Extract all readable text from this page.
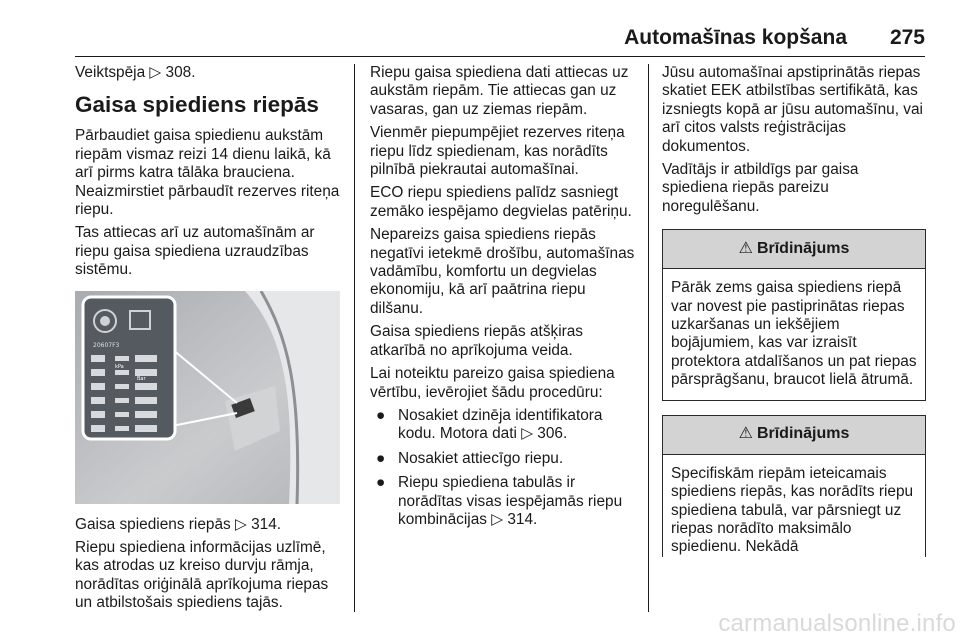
Automašīnas kopšana 275

Veiktspēja ▷ 308.

Gaisa spiediens riepās

Pārbaudiet gaisa spiedienu aukstām riepām vismaz reizi 14 dienu laikā, kā arī pirms katra tālāka brauciena. Neaizmirstiet pārbaudīt rezerves riteņa riepu.

Tas attiecas arī uz automašīnām ar riepu gaisa spiediena uzraudzības sistēmu.

20607F3
kPa
Bar

Gaisa spiediens riepās ▷ 314.

Riepu spiediena informācijas uzlīmē, kas atrodas uz kreiso durvju rāmja, norādītas oriģinālā aprīkojuma riepas un atbilstošais spiediens tajās.

Riepu gaisa spiediena dati attiecas uz aukstām riepām. Tie attiecas gan uz vasaras, gan uz ziemas riepām.

Vienmēr piepumpējiet rezerves riteņa riepu līdz spiedienam, kas norādīts pilnībā piekrautai automašīnai.

ECO riepu spiediens palīdz sasniegt zemāko iespējamo degvielas patēriņu.

Nepareizs gaisa spiediens riepās negatīvi ietekmē drošību, automašīnas vadāmību, komfortu un degvielas ekonomiju, kā arī paātrina riepu dilšanu.

Gaisa spiediens riepās atšķiras atkarībā no aprīkojuma veida.

Lai noteiktu pareizo gaisa spiediena vērtību, ievērojiet šādu procedūru:

● Nosakiet dzinēja identifikatora kodu. Motora dati ▷ 306.
● Nosakiet attiecīgo riepu.
● Riepu spiediena tabulās ir norādītas visas iespējamās riepu kombinācijas ▷ 314.

Jūsu automašīnai apstiprinātās riepas skatiet EEK atbilstības sertifikātā, kas izsniegts kopā ar jūsu automašīnu, vai arī citos valsts reģistrācijas dokumentos.

Vadītājs ir atbildīgs par gaisa spiediena riepās pareizu noregulēšanu.

⚠ Brīdinājums
Pārāk zems gaisa spiediens riepā var novest pie pastiprinātas riepas uzkaršanas un iekšējiem bojājumiem, kas var izraisīt protektora atdalīšanos un pat riepas pārsprāgšanu, braucot lielā ātrumā.
⚠ Brīdinājums
Specifiskām riepām ieteicamais spiediens riepās, kas norādīts riepu spiediena tabulā, var pārsniegt uz riepas norādīto maksimālo spiedienu. Nekādā
carmanualsonline.info
